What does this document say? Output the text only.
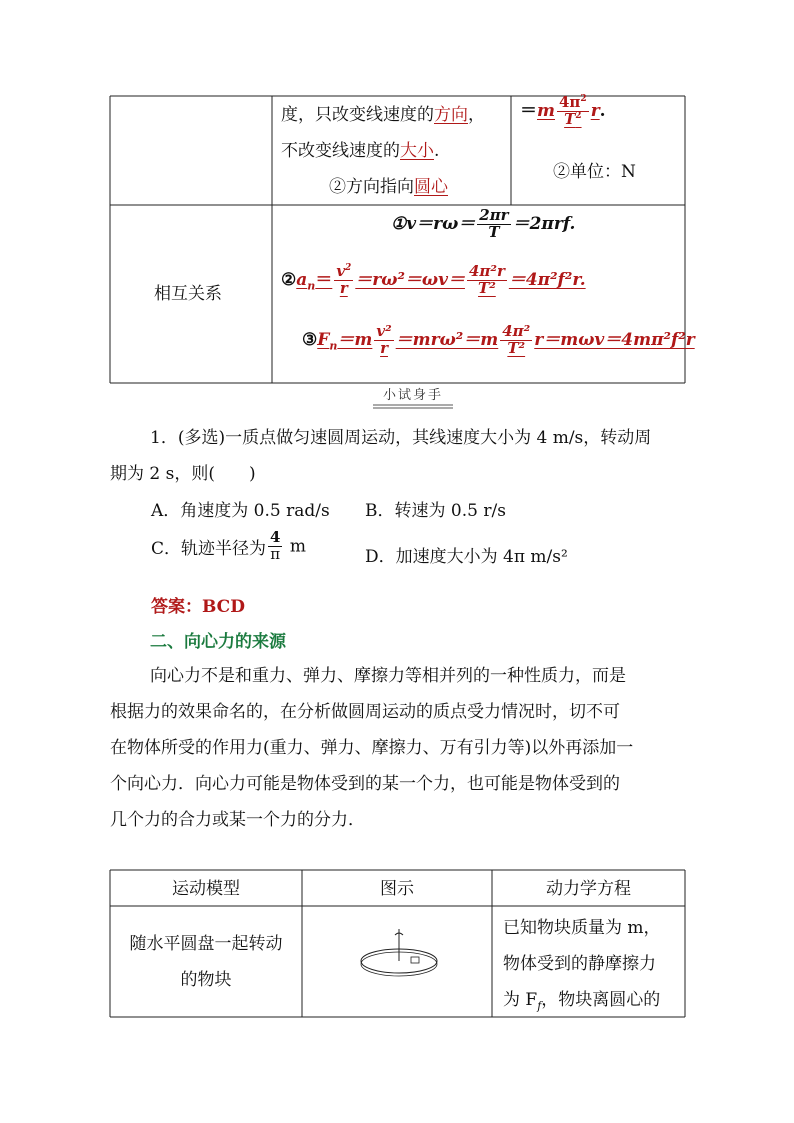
度，只改变线速度的方向，
不改变线速度的大小.
②方向指向圆心
$=m \frac{4\pi^2}{T^2} r$.
②单位：N
相互关系
①v＝rω＝ $\frac{2\pi r}{T} =2\pi rf$.
$②a_n= \frac{v^2}{r} =r\omega^2=\omega v= \frac{\text{4π²r}}{\text{T²}} =4\pi^2f^2r$.
$③F_n=m \frac{\text{v²}}{r} =mr\omega^2=m \frac{\text{4π²}}{\text{T²}} r=m\omega v=4m\pi^2f^2r$
小试身手
1．(多选)一质点做匀速圆周运动，其线速度大小为 4 m/s，转动周
期为 2 s，则(　　)
A．角速度为 0.5 rad/s B．转速为 0.5 r/s
C．轨迹半径为 $\frac{4}{\pi}$ m
D．加速度大小为 4π m/s²
答案：BCD
二、向心力的来源
向心力不是和重力、弹力、摩擦力等相并列的一种性质力，而是
根据力的效果命名的，在分析做圆周运动的质点受力情况时，切不可
在物体所受的作用力(重力、弹力、摩擦力、万有引力等)以外再添加一
个向心力．向心力可能是物体受到的某一个力，也可能是物体受到的
几个力的合力或某一个力的分力．
运动模型	图示	动力学方程
随水平圆盘一起转动
的物块
已知物块质量为 m，
物体受到的静摩擦力
为 $F_f$，物块离圆心的
